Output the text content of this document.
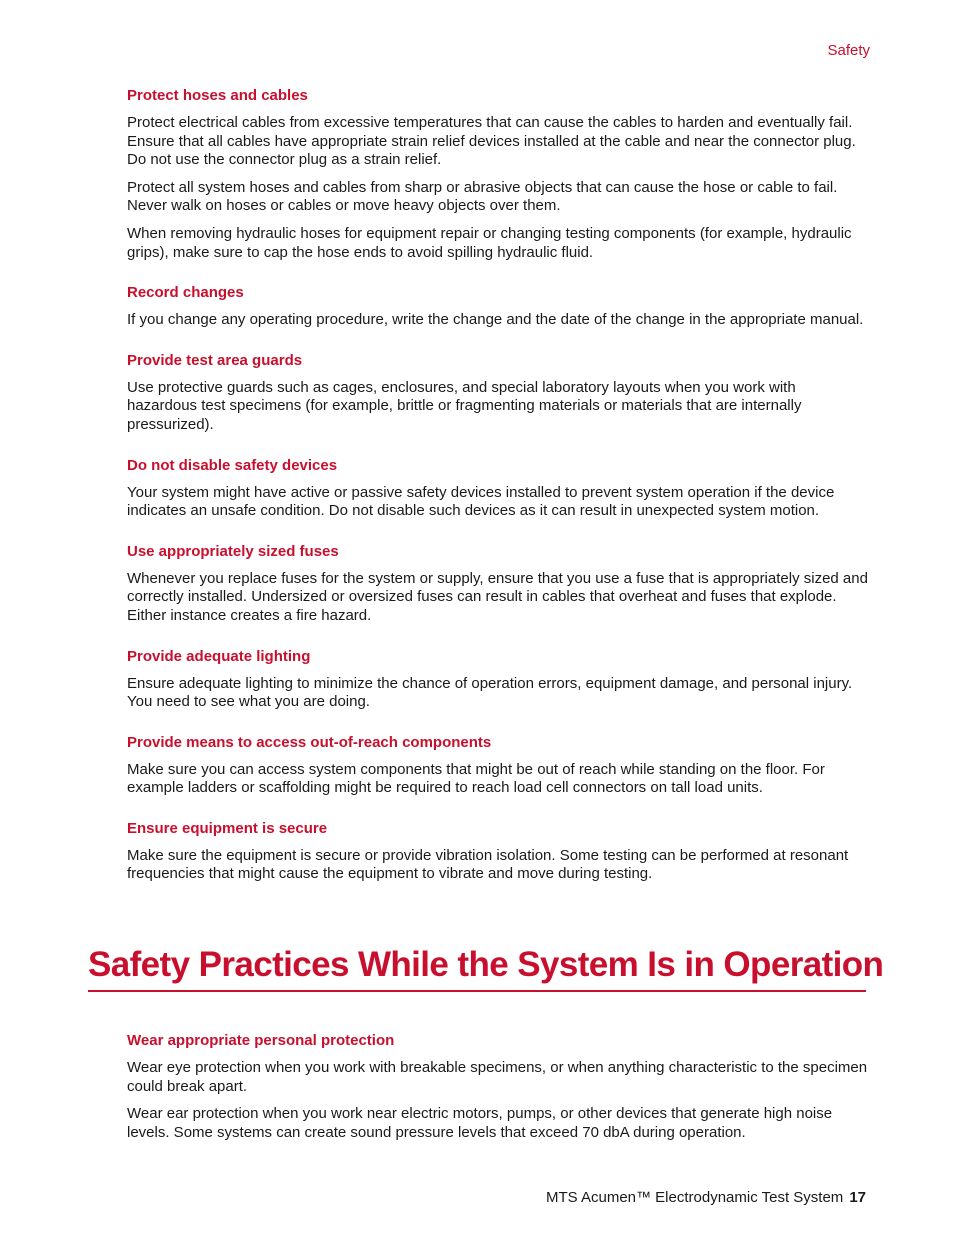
Safety
Protect hoses and cables

Protect electrical cables from excessive temperatures that can cause the cables to harden and eventually fail. Ensure that all cables have appropriate strain relief devices installed at the cable and near the connector plug. Do not use the connector plug as a strain relief.

Protect all system hoses and cables from sharp or abrasive objects that can cause the hose or cable to fail. Never walk on hoses or cables or move heavy objects over them.

When removing hydraulic hoses for equipment repair or changing testing components (for example, hydraulic grips), make sure to cap the hose ends to avoid spilling hydraulic fluid.

Record changes

If you change any operating procedure, write the change and the date of the change in the appropriate manual.

Provide test area guards

Use protective guards such as cages, enclosures, and special laboratory layouts when you work with hazardous test specimens (for example, brittle or fragmenting materials or materials that are internally pressurized).

Do not disable safety devices

Your system might have active or passive safety devices installed to prevent system operation if the device indicates an unsafe condition. Do not disable such devices as it can result in unexpected system motion.

Use appropriately sized fuses

Whenever you replace fuses for the system or supply, ensure that you use a fuse that is appropriately sized and correctly installed. Undersized or oversized fuses can result in cables that overheat and fuses that explode. Either instance creates a fire hazard.

Provide adequate lighting

Ensure adequate lighting to minimize the chance of operation errors, equipment damage, and personal injury. You need to see what you are doing.

Provide means to access out-of-reach components

Make sure you can access system components that might be out of reach while standing on the floor. For example ladders or scaffolding might be required to reach load cell connectors on tall load units.

Ensure equipment is secure

Make sure the equipment is secure or provide vibration isolation. Some testing can be performed at resonant frequencies that might cause the equipment to vibrate and move during testing.

Safety Practices While the System Is in Operation
Wear appropriate personal protection

Wear eye protection when you work with breakable specimens, or when anything characteristic to the specimen could break apart.

Wear ear protection when you work near electric motors, pumps, or other devices that generate high noise levels. Some systems can create sound pressure levels that exceed 70 dbA during operation.

MTS Acumen™ Electrodynamic Test System 17
